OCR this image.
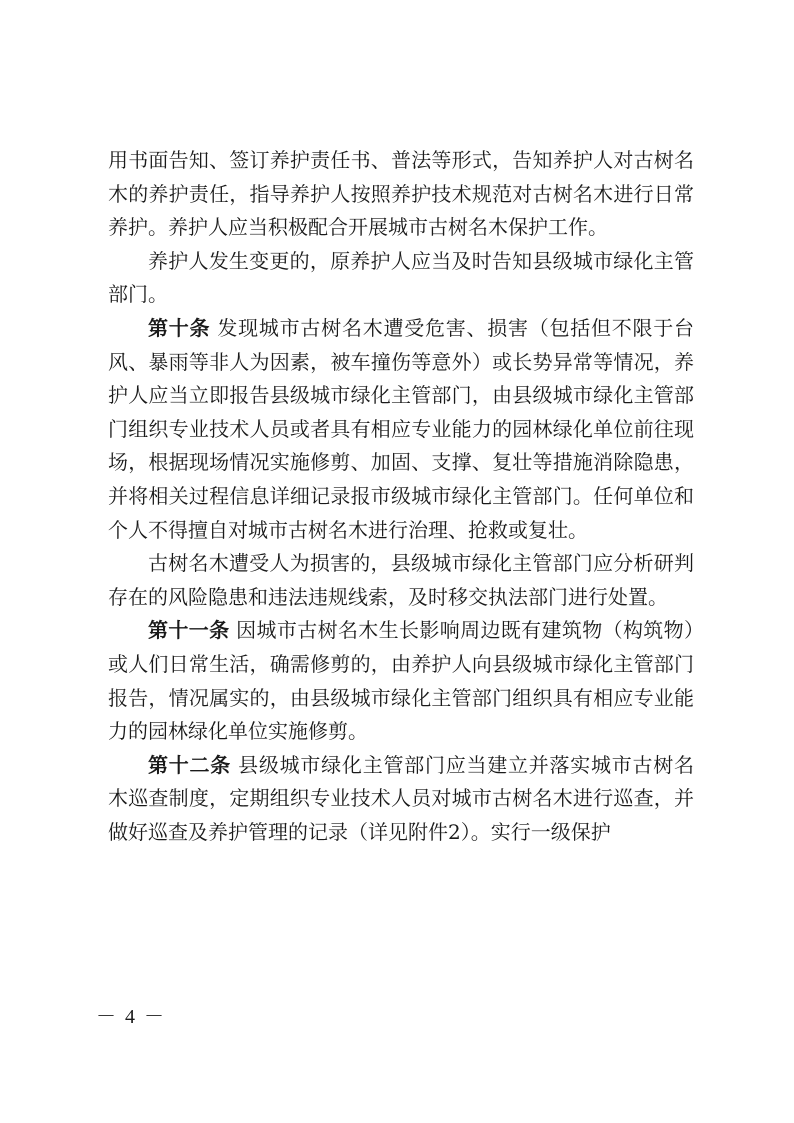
用书面告知、签订养护责任书、普法等形式，告知养护人对古树名木的养护责任，指导养护人按照养护技术规范对古树名木进行日常养护。养护人应当积极配合开展城市古树名木保护工作。

养护人发生变更的，原养护人应当及时告知县级城市绿化主管部门。

第十条 发现城市古树名木遭受危害、损害（包括但不限于台风、暴雨等非人为因素，被车撞伤等意外）或长势异常等情况，养护人应当立即报告县级城市绿化主管部门，由县级城市绿化主管部门组织专业技术人员或者具有相应专业能力的园林绿化单位前往现场，根据现场情况实施修剪、加固、支撑、复壮等措施消除隐患，并将相关过程信息详细记录报市级城市绿化主管部门。任何单位和个人不得擅自对城市古树名木进行治理、抢救或复壮。

古树名木遭受人为损害的，县级城市绿化主管部门应分析研判存在的风险隐患和违法违规线索，及时移交执法部门进行处置。

第十一条 因城市古树名木生长影响周边既有建筑物（构筑物）或人们日常生活，确需修剪的，由养护人向县级城市绿化主管部门报告，情况属实的，由县级城市绿化主管部门组织具有相应专业能力的园林绿化单位实施修剪。

第十二条 县级城市绿化主管部门应当建立并落实城市古树名木巡查制度，定期组织专业技术人员对城市古树名木进行巡查，并做好巡查及养护管理的记录（详见附件2）。实行一级保护

－ 4 －
